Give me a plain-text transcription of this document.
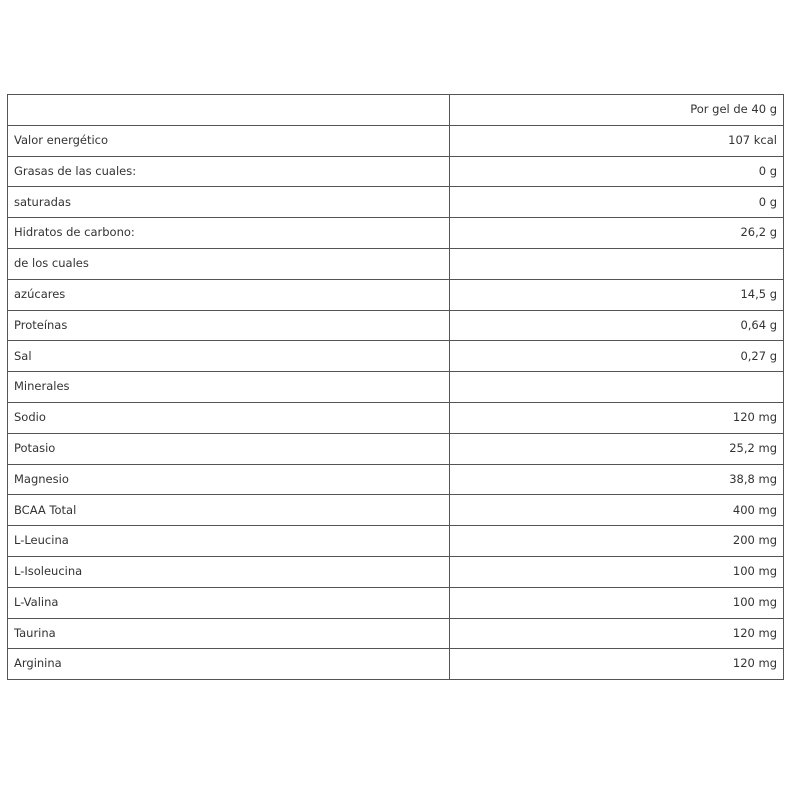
	Por gel de 40 g
Valor energético	107 kcal
Grasas de las cuales:	0 g
saturadas	0 g
Hidratos de carbono:	26,2 g
de los cuales	
azúcares	14,5 g
Proteínas	0,64 g
Sal	0,27 g
Minerales	
Sodio	120 mg
Potasio	25,2 mg
Magnesio	38,8 mg
BCAA Total	400 mg
L-Leucina	200 mg
L-Isoleucina	100 mg
L-Valina	100 mg
Taurina	120 mg
Arginina	120 mg
